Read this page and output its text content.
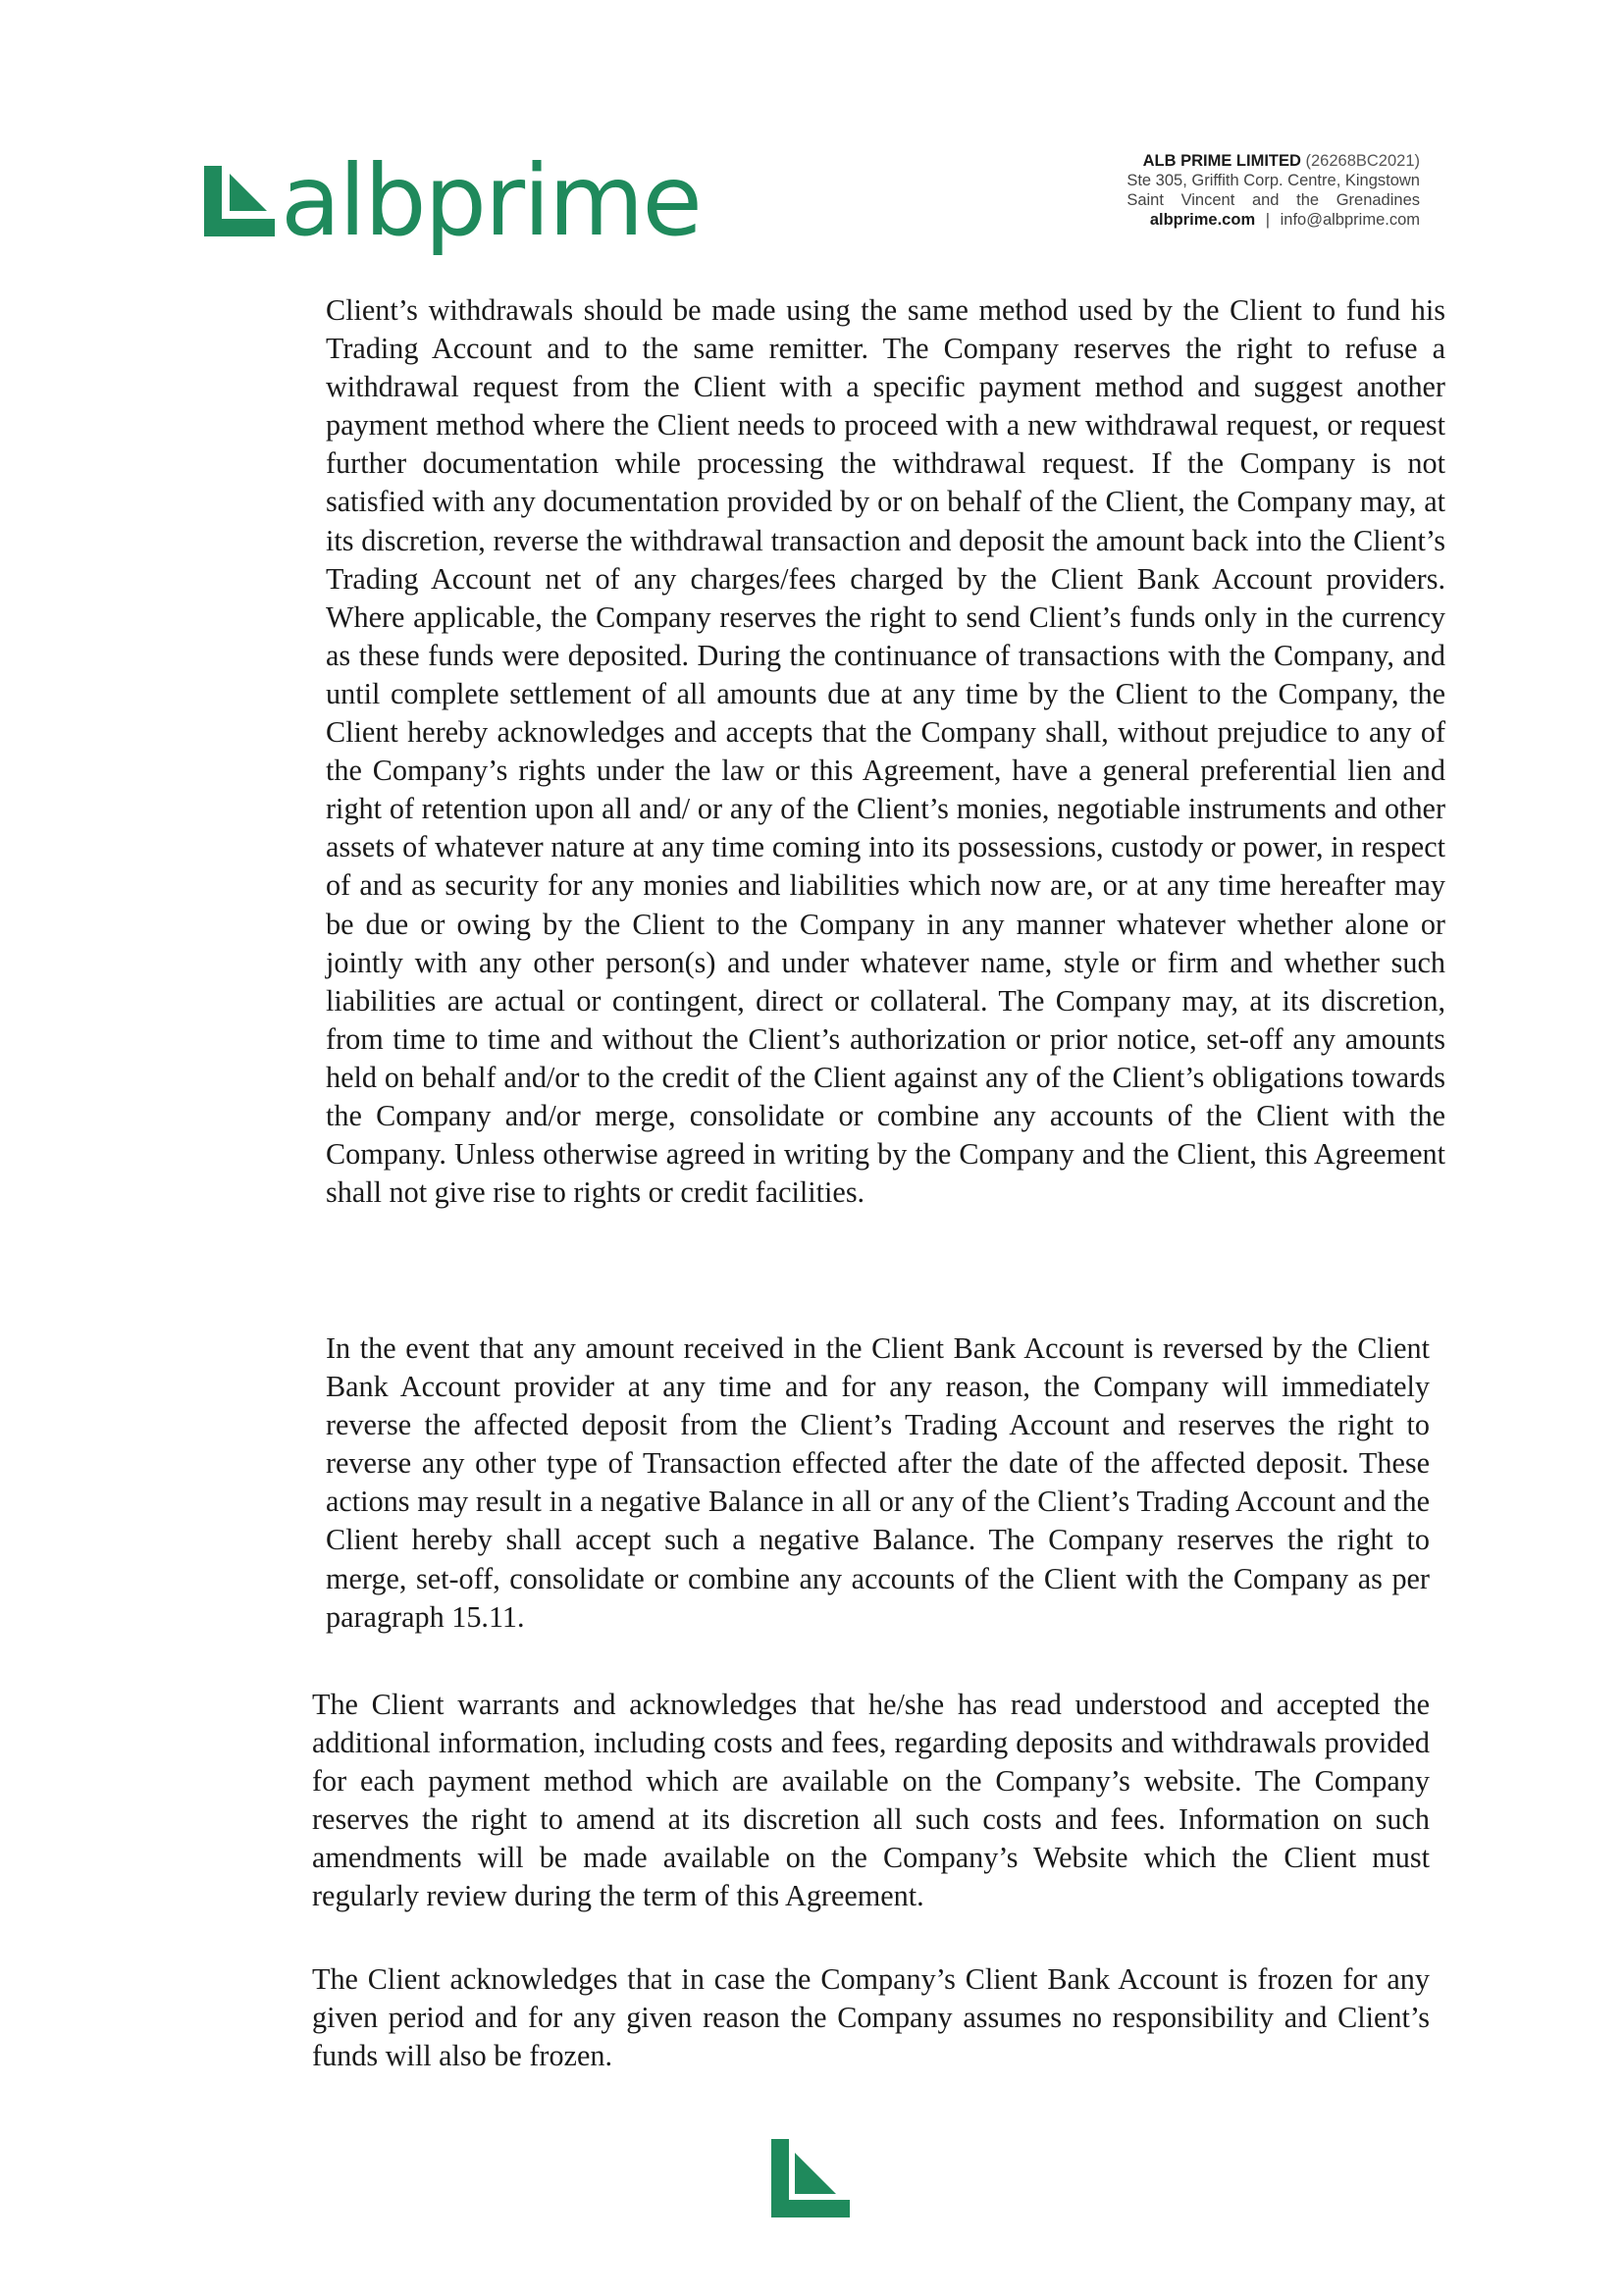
albprime	ALB PRIME LIMITED (26268BC2021)
Ste 305, Griffith Corp. Centre, Kingstown
Saint Vincent and the Grenadines
albprime.com | info@albprime.com

Client’s withdrawals should be made using the same method used by the Client to fund his Trading Account and to the same remitter. The Company reserves the right to refuse a withdrawal request from the Client with a specific payment method and suggest another payment method where the Client needs to proceed with a new withdrawal request, or request further documentation while processing the withdrawal request. If the Company is not satisfied with any documentation provided by or on behalf of the Client, the Company may, at its discretion, reverse the withdrawal transaction and deposit the amount back into the Client’s Trading Account net of any charges/fees charged by the Client Bank Account providers. Where applicable, the Company reserves the right to send Client’s funds only in the currency as these funds were deposited. During the continuance of transactions with the Company, and until complete settlement of all amounts due at any time by the Client to the Company, the Client hereby acknowledges and accepts that the Company shall, without prejudice to any of the Company’s rights under the law or this Agreement, have a general preferential lien and right of retention upon all and/ or any of the Client’s monies, negotiable instruments and other assets of whatever nature at any time coming into its possessions, custody or power, in respect of and as security for any monies and liabilities which now are, or at any time hereafter may be due or owing by the Client to the Company in any manner whatever whether alone or jointly with any other person(s) and under whatever name, style or firm and whether such liabilities are actual or contingent, direct or collateral. The Company may, at its discretion, from time to time and without the Client’s authorization or prior notice, set-off any amounts held on behalf and/or to the credit of the Client against any of the Client’s obligations towards the Company and/or merge, consolidate or combine any accounts of the Client with the Company. Unless otherwise agreed in writing by the Company and the Client, this Agreement shall not give rise to rights or credit facilities.

In the event that any amount received in the Client Bank Account is reversed by the Client Bank Account provider at any time and for any reason, the Company will immediately reverse the affected deposit from the Client’s Trading Account and reserves the right to reverse any other type of Transaction effected after the date of the affected deposit. These actions may result in a negative Balance in all or any of the Client’s Trading Account and the Client hereby shall accept such a negative Balance. The Company reserves the right to merge, set-off, consolidate or combine any accounts of the Client with the Company as per paragraph 15.11.

The Client warrants and acknowledges that he/she has read understood and accepted the additional information, including costs and fees, regarding deposits and withdrawals provided for each payment method which are available on the Company’s website. The Company reserves the right to amend at its discretion all such costs and fees. Information on such amendments will be made available on the Company’s Website which the Client must regularly review during the term of this Agreement.

The Client acknowledges that in case the Company’s Client Bank Account is frozen for any given period and for any given reason the Company assumes no responsibility and Client’s funds will also be frozen.
